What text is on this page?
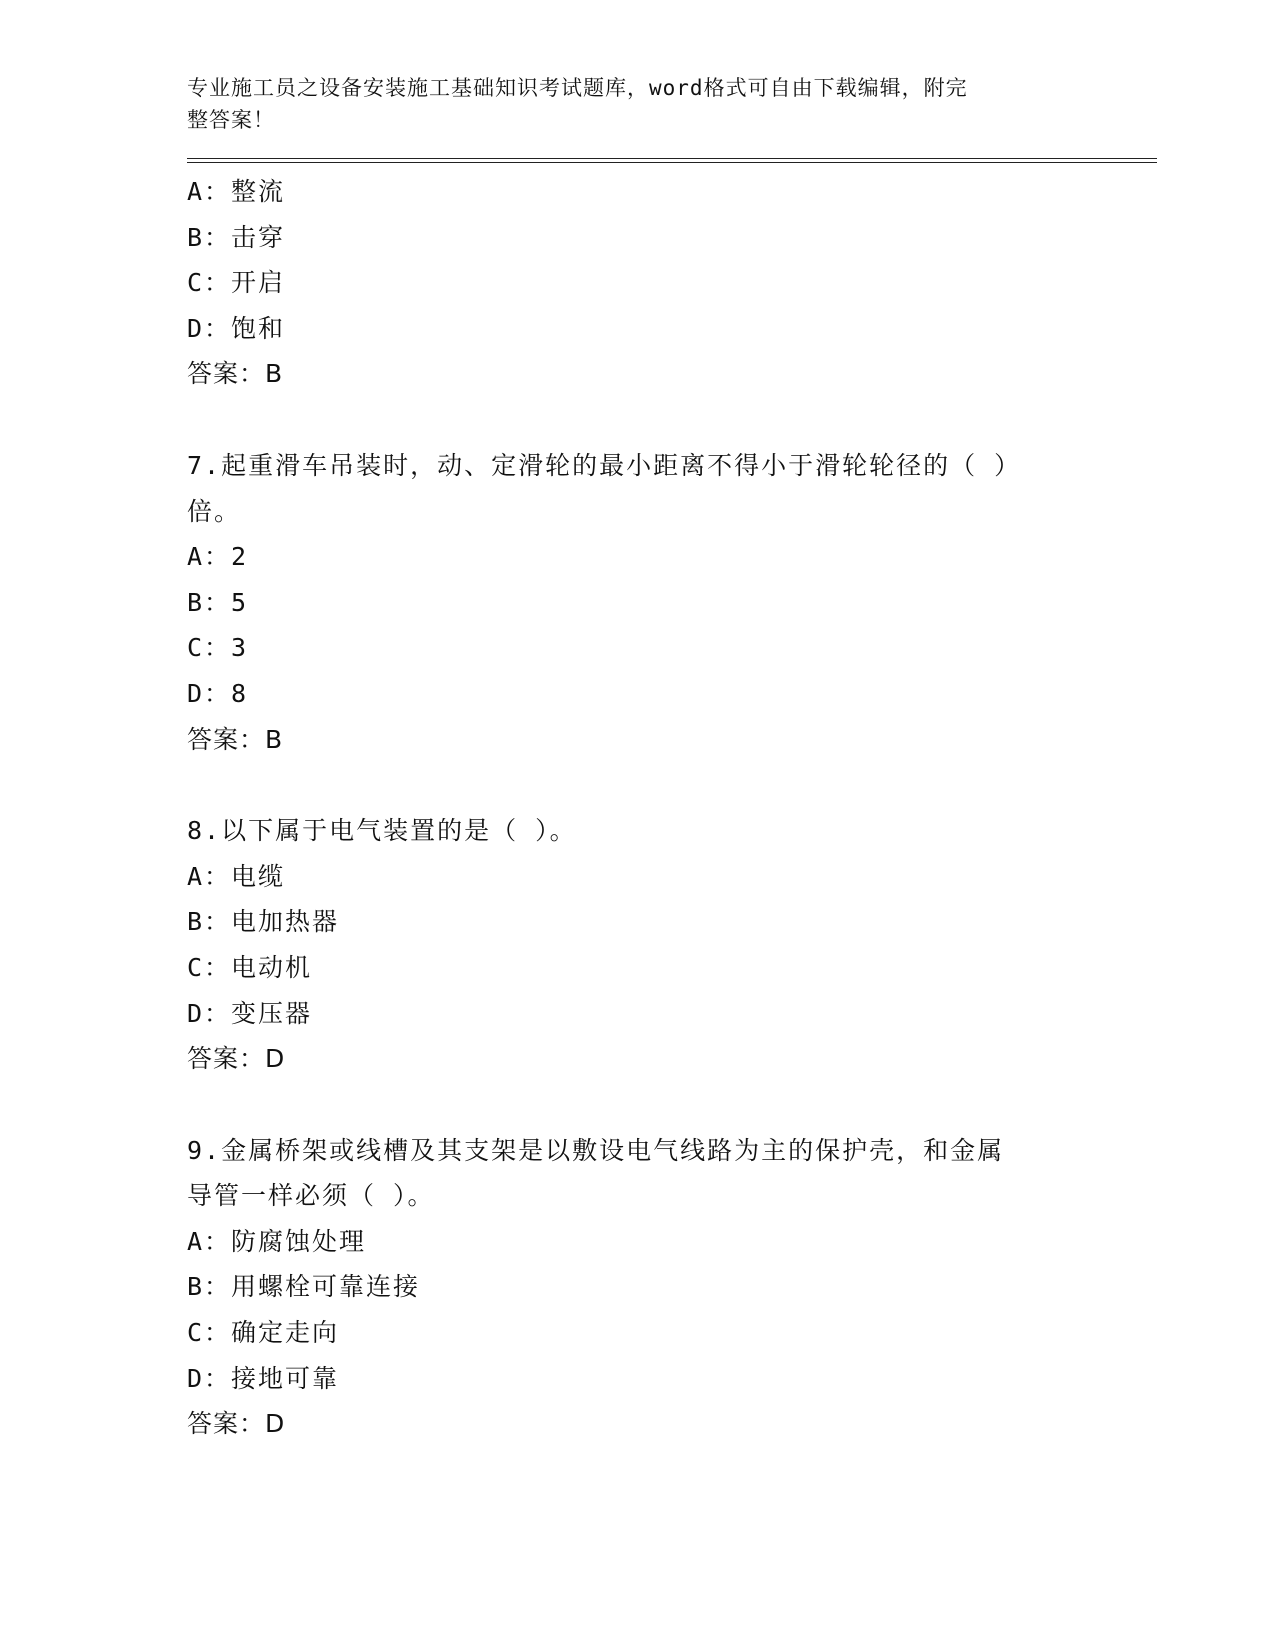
专业施工员之设备安装施工基础知识考试题库，word格式可自由下载编辑，附完
整答案！
A：整流
B：击穿
C：开启
D：饱和
答案：B
7.起重滑车吊装时，动、定滑轮的最小距离不得小于滑轮轮径的（ ）
倍。
A：2
B：5
C：3
D：8
答案：B
8.以下属于电气装置的是（ ）。
A：电缆
B：电加热器
C：电动机
D：变压器
答案：D
9.金属桥架或线槽及其支架是以敷设电气线路为主的保护壳，和金属
导管一样必须（ ）。
A：防腐蚀处理
B：用螺栓可靠连接
C：确定走向
D：接地可靠
答案：D
